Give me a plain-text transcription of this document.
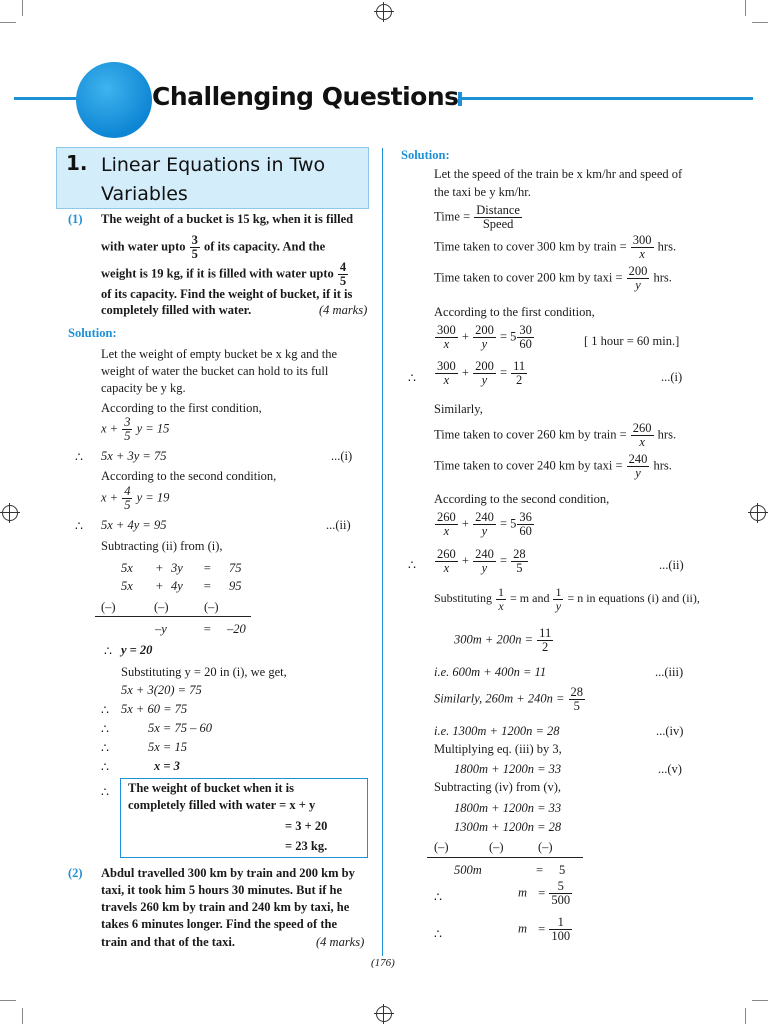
Challenging Questions
1. Linear Equations in Two
Variables
(1) The weight of a bucket is 15 kg, when it is filled
with water upto $\frac{3}{5}$ of its capacity. And the
weight is 19 kg, if it is filled with water upto $\frac{4}{5}$
of its capacity. Find the weight of bucket, if it is
completely filled with water.	(4 marks)
Solution:
Let the weight of empty bucket be x kg and the
weight of water the bucket can hold to its full
capacity be y kg.
According to the first condition,
$x + \frac{3}{5}$ y = 15
∴ 5x + 3y = 75	...(i)
According to the second condition,
$x + \frac{4}{5}$ y = 19
∴ 5x + 4y = 95	...(ii)
Subtracting (ii) from (i),
5x + 3y = 75
5x + 4y = 95
(–)	(–)	(–)
–y	= –20
∴ y = 20
Substituting y = 20 in (i), we get,
5x + 3(20) = 75
∴ 5x + 60 = 75
∴	5x = 75 – 60
∴	5x = 15
∴	x = 3
∴ The weight of bucket when it is
completely filled with water = x + y
= 3 + 20
= 23 kg.
(2) Abdul travelled 300 km by train and 200 km by
taxi, it took him 5 hours 30 minutes. But if he
travels 260 km by train and 240 km by taxi, he
takes 6 minutes longer. Find the speed of the
train and that of the taxi.	(4 marks)
Solution:
Let the speed of the train be x km/hr and speed of
the taxi be y km/hr.
Time = $\frac{\text{Distance}}{\text{Speed}}$
Time taken to cover 300 km by train = $\frac{300}{x}$ hrs.
Time taken to cover 200 km by taxi = $\frac{200}{y}$ hrs.
According to the first condition,
$\frac{300}{x} + \frac{200}{y} = 5 \frac{30}{60}$	[ 1 hour = 60 min.]
∴ $\frac{300}{x} + \frac{200}{y} = \frac{11}{2}$	...(i)
Similarly,
Time taken to cover 260 km by train = $\frac{260}{x}$ hrs.
Time taken to cover 240 km by taxi = $\frac{240}{y}$ hrs.
According to the second condition,
$\frac{260}{x} + \frac{240}{y} = 5 \frac{36}{60}$
∴ $\frac{260}{x} + \frac{240}{y} = \frac{28}{5}$	...(ii)
Substituting $\frac{1}{x} = m$ and $\frac{1}{y} = n$ in equations (i) and (ii),
$300m + 200n = \frac{11}{2}$
i.e. 600m + 400n = 11	...(iii)
Similarly, $260m + 240n = \frac{28}{5}$
i.e. 1300m + 1200n = 28	...(iv)
Multiplying eq. (iii) by 3,
1800m + 1200n = 33	...(v)
Subtracting (iv) from (v),
1800m + 1200n = 33
1300m + 1200n = 28
(–)	(–)	(–)
500m	= 5
∴	$m = \frac{5}{500}$
∴	$m = \frac{1}{100}$
(176)
